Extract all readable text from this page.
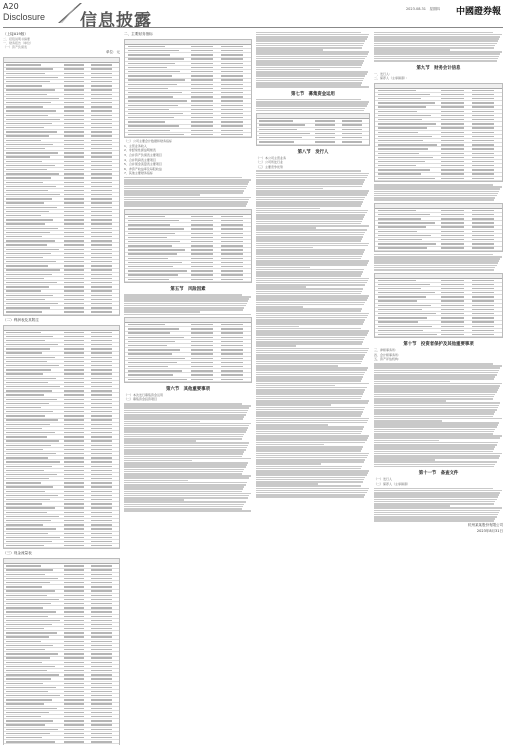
A20
Disclosure 信息披露
2023.08.31　星期四 中國證券報
（上接A19版）
二、招股说明书摘要
一、财务报告（单位）
（一）资产负债表
单位：元
（二）利润表及其附注
（三）现金流量表
二、主要财务指标
（二）公司主要会计数据和财务指标
1、主营业务收入
2、非经常性损益明细表
3、合并资产负债表主要项目
4、合并利润表主要项目
5、合并现金流量表主要项目
6、净资产收益率及每股收益
7、其他主要财务指标
第五节　风险因素
第六节　其他重要事项
（一）本次发行募集资金运用
（二）募集资金投资项目
第七节　募集资金运用
第八节　发行人
（一）本公司主营业务
（二）公司所处行业
（三）主要竞争优势
第九节　财务会计信息
一、发行人：
二、保荐人（主承销商）：
第十节　投资者保护及其他重要事项
三、律师事务所：
四、会计师事务所：
五、资产评估机构：
第十一节　备查文件
（一）发行人
（二）保荐人（主承销商）
杭州某某股份有限公司
2023年8月31日
